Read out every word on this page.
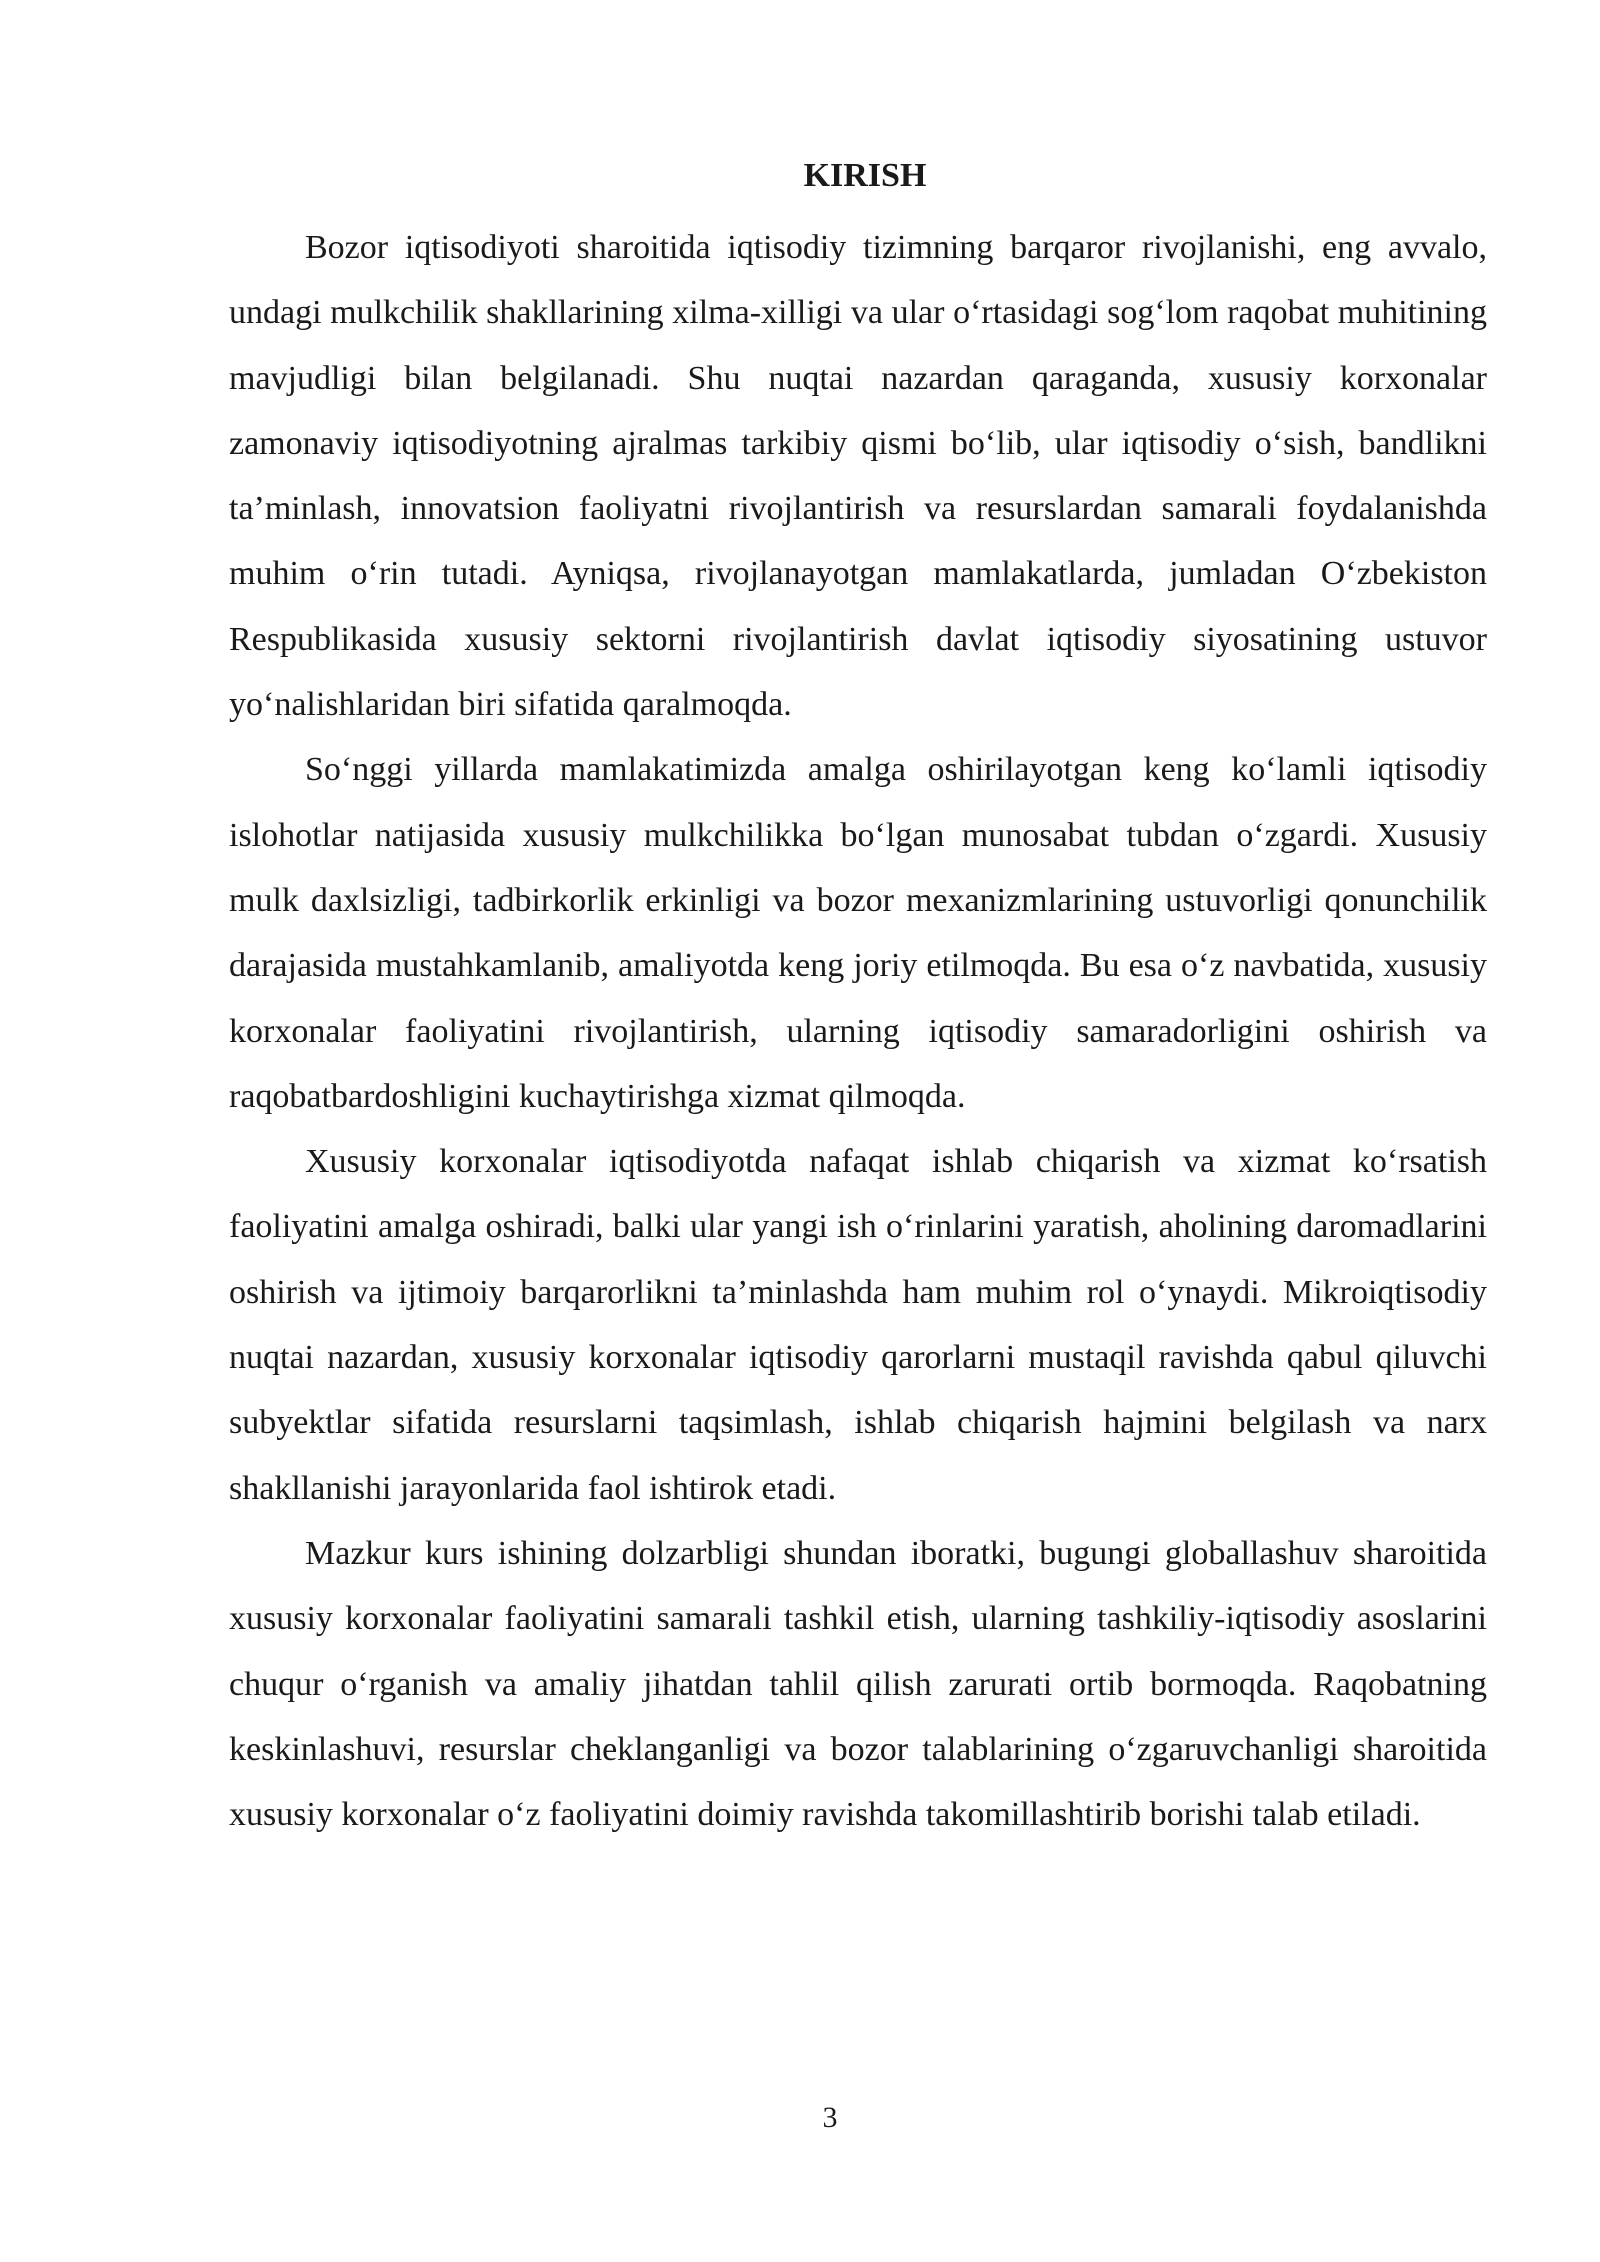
KIRISH

Bozor iqtisodiyoti sharoitida iqtisodiy tizimning barqaror rivojlanishi, eng avvalo, undagi mulkchilik shakllarining xilma-xilligi va ular o‘rtasidagi sog‘lom raqobat muhitining mavjudligi bilan belgilanadi. Shu nuqtai nazardan qaraganda, xususiy korxonalar zamonaviy iqtisodiyotning ajralmas tarkibiy qismi bo‘lib, ular iqtisodiy o‘sish, bandlikni ta’minlash, innovatsion faoliyatni rivojlantirish va resurslardan samarali foydalanishda muhim o‘rin tutadi. Ayniqsa, rivojlanayotgan mamlakatlarda, jumladan O‘zbekiston Respublikasida xususiy sektorni rivojlantirish davlat iqtisodiy siyosatining ustuvor yo‘nalishlaridan biri sifatida qaralmoqda.

So‘nggi yillarda mamlakatimizda amalga oshirilayotgan keng ko‘lamli iqtisodiy islohotlar natijasida xususiy mulkchilikka bo‘lgan munosabat tubdan o‘zgardi. Xususiy mulk daxlsizligi, tadbirkorlik erkinligi va bozor mexanizmlarining ustuvorligi qonunchilik darajasida mustahkamlanib, amaliyotda keng joriy etilmoqda. Bu esa o‘z navbatida, xususiy korxonalar faoliyatini rivojlantirish, ularning iqtisodiy samaradorligini oshirish va raqobatbardoshligini kuchaytirishga xizmat qilmoqda.

Xususiy korxonalar iqtisodiyotda nafaqat ishlab chiqarish va xizmat ko‘rsatish faoliyatini amalga oshiradi, balki ular yangi ish o‘rinlarini yaratish, aholining daromadlarini oshirish va ijtimoiy barqarorlikni ta’minlashda ham muhim rol o‘ynaydi. Mikroiqtisodiy nuqtai nazardan, xususiy korxonalar iqtisodiy qarorlarni mustaqil ravishda qabul qiluvchi subyektlar sifatida resurslarni taqsimlash, ishlab chiqarish hajmini belgilash va narx shakllanishi jarayonlarida faol ishtirok etadi.

Mazkur kurs ishining dolzarbligi shundan iboratki, bugungi globallashuv sharoitida xususiy korxonalar faoliyatini samarali tashkil etish, ularning tashkiliy-iqtisodiy asoslarini chuqur o‘rganish va amaliy jihatdan tahlil qilish zarurati ortib bormoqda. Raqobatning keskinlashuvi, resurslar cheklanganligi va bozor talablarining o‘zgaruvchanligi sharoitida xususiy korxonalar o‘z faoliyatini doimiy ravishda takomillashtirib borishi talab etiladi.

3
